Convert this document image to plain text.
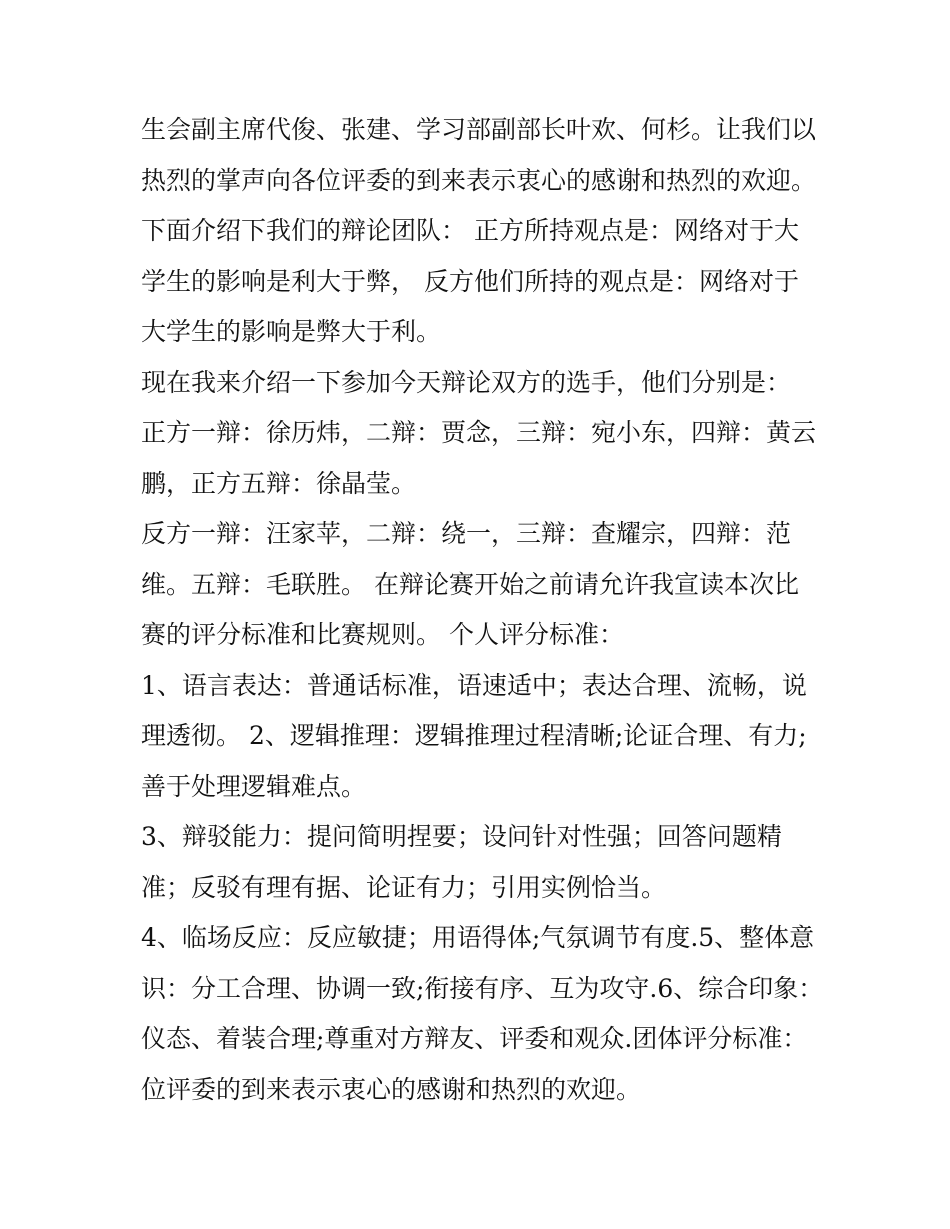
生会副主席代俊、张建、学习部副部长叶欢、何杉。让我们以
热烈的掌声向各位评委的到来表示衷心的感谢和热烈的欢迎。
下面介绍下我们的辩论团队： 正方所持观点是：网络对于大
学生的影响是利大于弊， 反方他们所持的观点是：网络对于
大学生的影响是弊大于利。

现在我来介绍一下参加今天辩论双方的选手，他们分别是：
正方一辩：徐历炜，二辩：贾念，三辩：宛小东，四辩：黄云
鹏，正方五辩：徐晶莹。

反方一辩：汪家苹，二辩：绕一，三辩：查耀宗，四辩：范
维。五辩：毛联胜。 在辩论赛开始之前请允许我宣读本次比
赛的评分标准和比赛规则。 个人评分标准：

1、语言表达：普通话标准，语速适中；表达合理、流畅，说
理透彻。 2、逻辑推理：逻辑推理过程清晰;论证合理、有力;
善于处理逻辑难点。

3、辩驳能力：提问简明捏要；设问针对性强；回答问题精
准；反驳有理有据、论证有力；引用实例恰当。

4、临场反应：反应敏捷；用语得体;气氛调节有度.5、整体意
识：分工合理、协调一致;衔接有序、互为攻守.6、综合印象：
仪态、着装合理;尊重对方辩友、评委和观众.团体评分标准：
位评委的到来表示衷心的感谢和热烈的欢迎。
